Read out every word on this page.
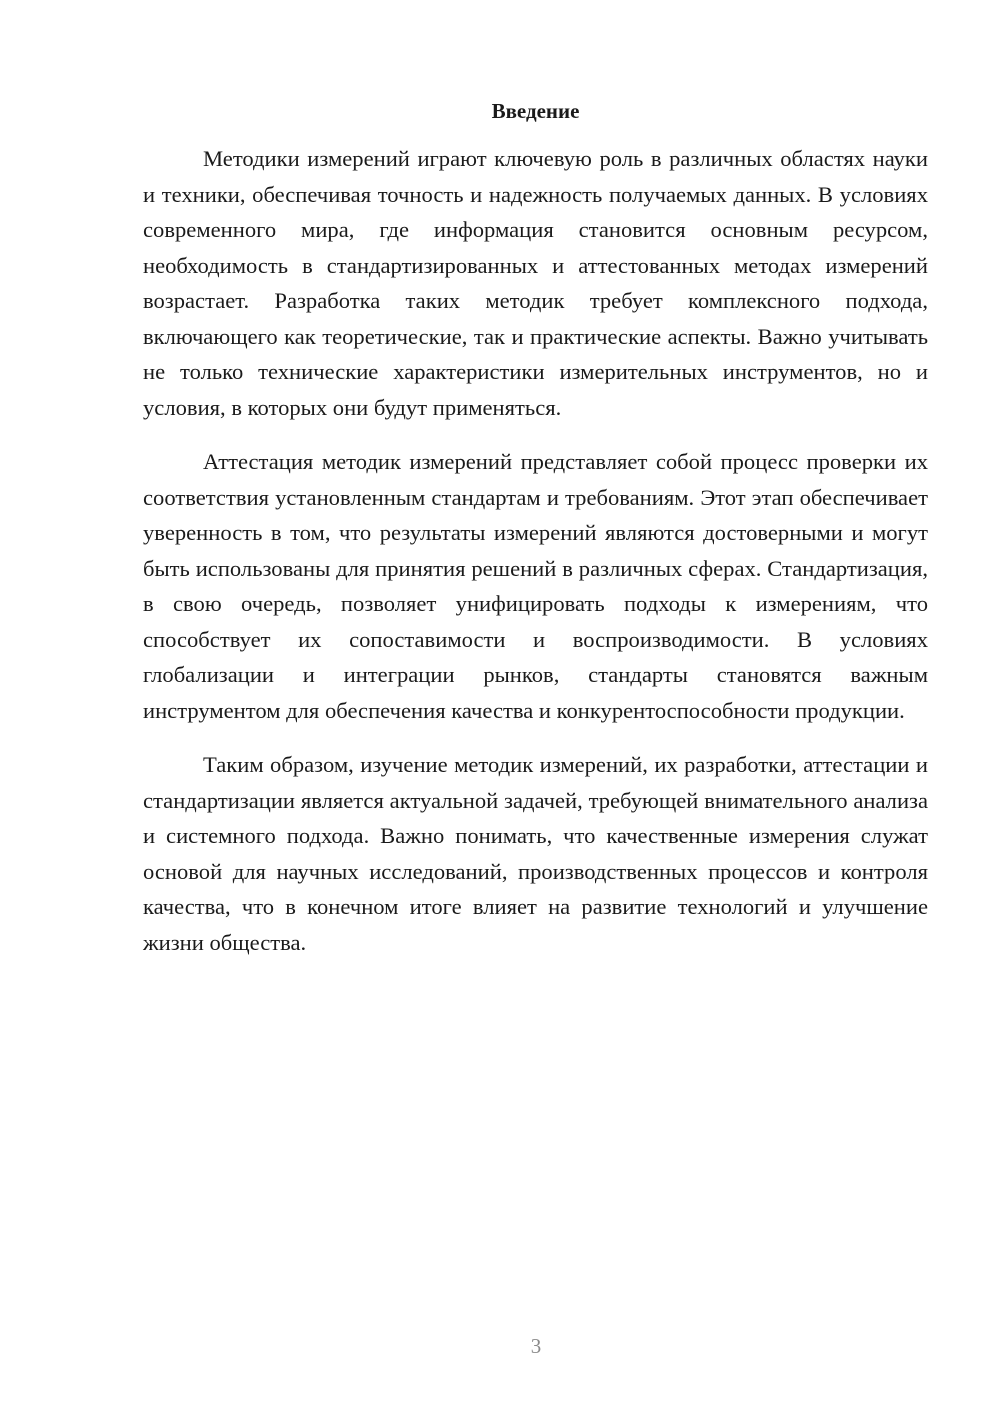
Введение

Методики измерений играют ключевую роль в различных областях науки и техники, обеспечивая точность и надежность получаемых данных. В условиях современного мира, где информация становится основным ресурсом, необходимость в стандартизированных и аттестованных методах измерений возрастает. Разработка таких методик требует комплексного подхода, включающего как теоретические, так и практические аспекты. Важно учитывать не только технические характеристики измерительных инструментов, но и условия, в которых они будут применяться.

Аттестация методик измерений представляет собой процесс проверки их соответствия установленным стандартам и требованиям. Этот этап обеспечивает уверенность в том, что результаты измерений являются достоверными и могут быть использованы для принятия решений в различных сферах. Стандартизация, в свою очередь, позволяет унифицировать подходы к измерениям, что способствует их сопоставимости и воспроизводимости. В условиях глобализации и интеграции рынков, стандарты становятся важным инструментом для обеспечения качества и конкурентоспособности продукции.

Таким образом, изучение методик измерений, их разработки, аттестации и стандартизации является актуальной задачей, требующей внимательного анализа и системного подхода. Важно понимать, что качественные измерения служат основой для научных исследований, производственных процессов и контроля качества, что в конечном итоге влияет на развитие технологий и улучшение жизни общества.

3
